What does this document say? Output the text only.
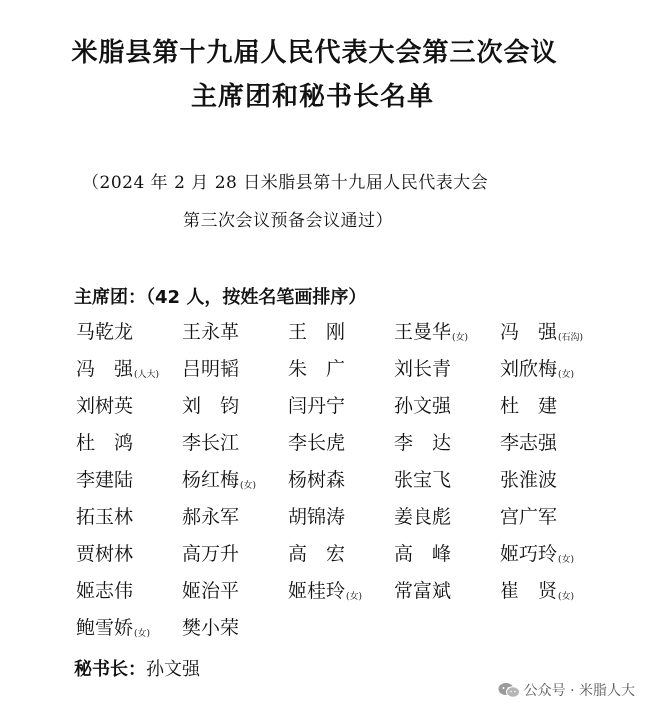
米脂县第十九届人民代表大会第三次会议
主席团和秘书长名单
（2024 年 2 月 28 日米脂县第十九届人民代表大会
第三次会议预备会议通过）
主席团：（42 人，按姓名笔画排序）
马乾龙	王永革	王　刚	王曼华(女)	冯　强(石沟)
冯　强(人大)	吕明韬	朱　广	刘长青	刘欣梅(女)
刘树英	刘　钧	闫丹宁	孙文强	杜　建
杜　鸿	李长江	李长虎	李　达	李志强
李建陆	杨红梅(女)	杨树森	张宝飞	张淮波
拓玉林	郝永军	胡锦涛	姜良彪	宫广军
贾树林	高万升	高　宏	高　峰	姬巧玲(女)
姬志伟	姬治平	姬桂玲(女)	常富斌	崔　贤(女)
鲍雪娇(女)	樊小荣
秘书长：孙文强
公众号 · 米脂人大
